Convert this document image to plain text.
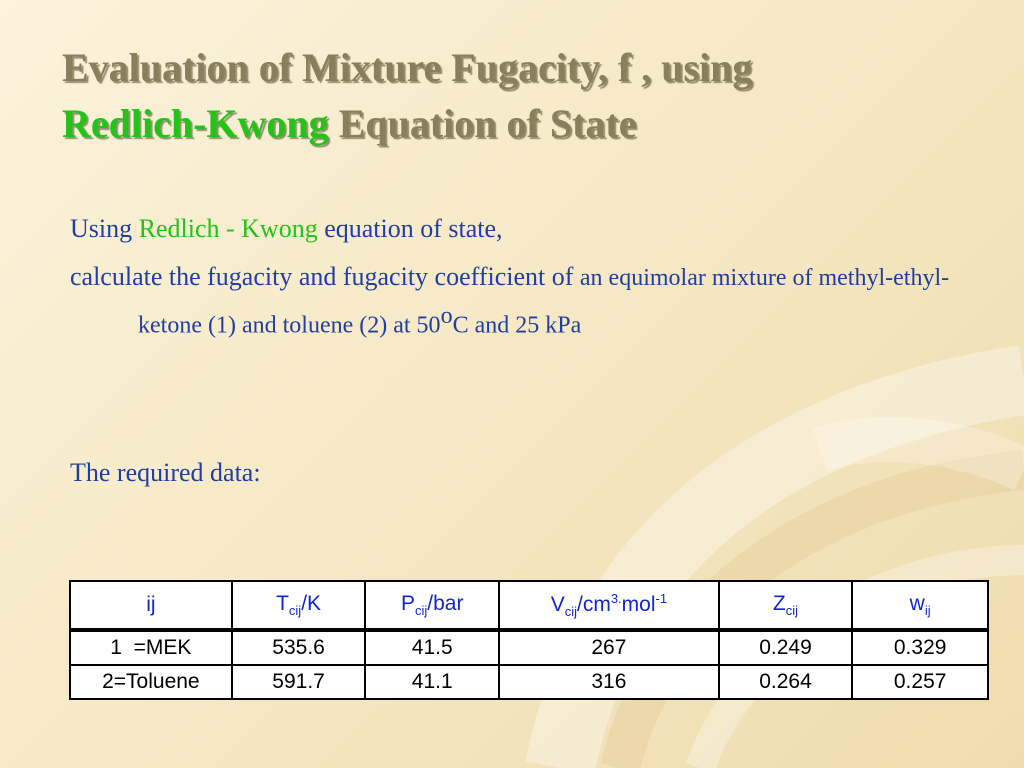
Evaluation of Mixture Fugacity, f , using
Redlich-Kwong Equation of State

Using Redlich - Kwong equation of state,

calculate the fugacity and fugacity coefficient of an equimolar mixture of methyl-ethyl-ketone (1) and toluene (2) at 50$^o$C and 25 kPa

The required data:

ij	$T_{cij}/K$	$P_{cij}$/bar	$V_{cij}/cm^{3.}mol^{-1}$	$Z_{cij}$	$w_{ij}$
1  =MEK	535.6	41.5	267	0.249	0.329
2=Toluene	591.7	41.1	316	0.264	0.257
